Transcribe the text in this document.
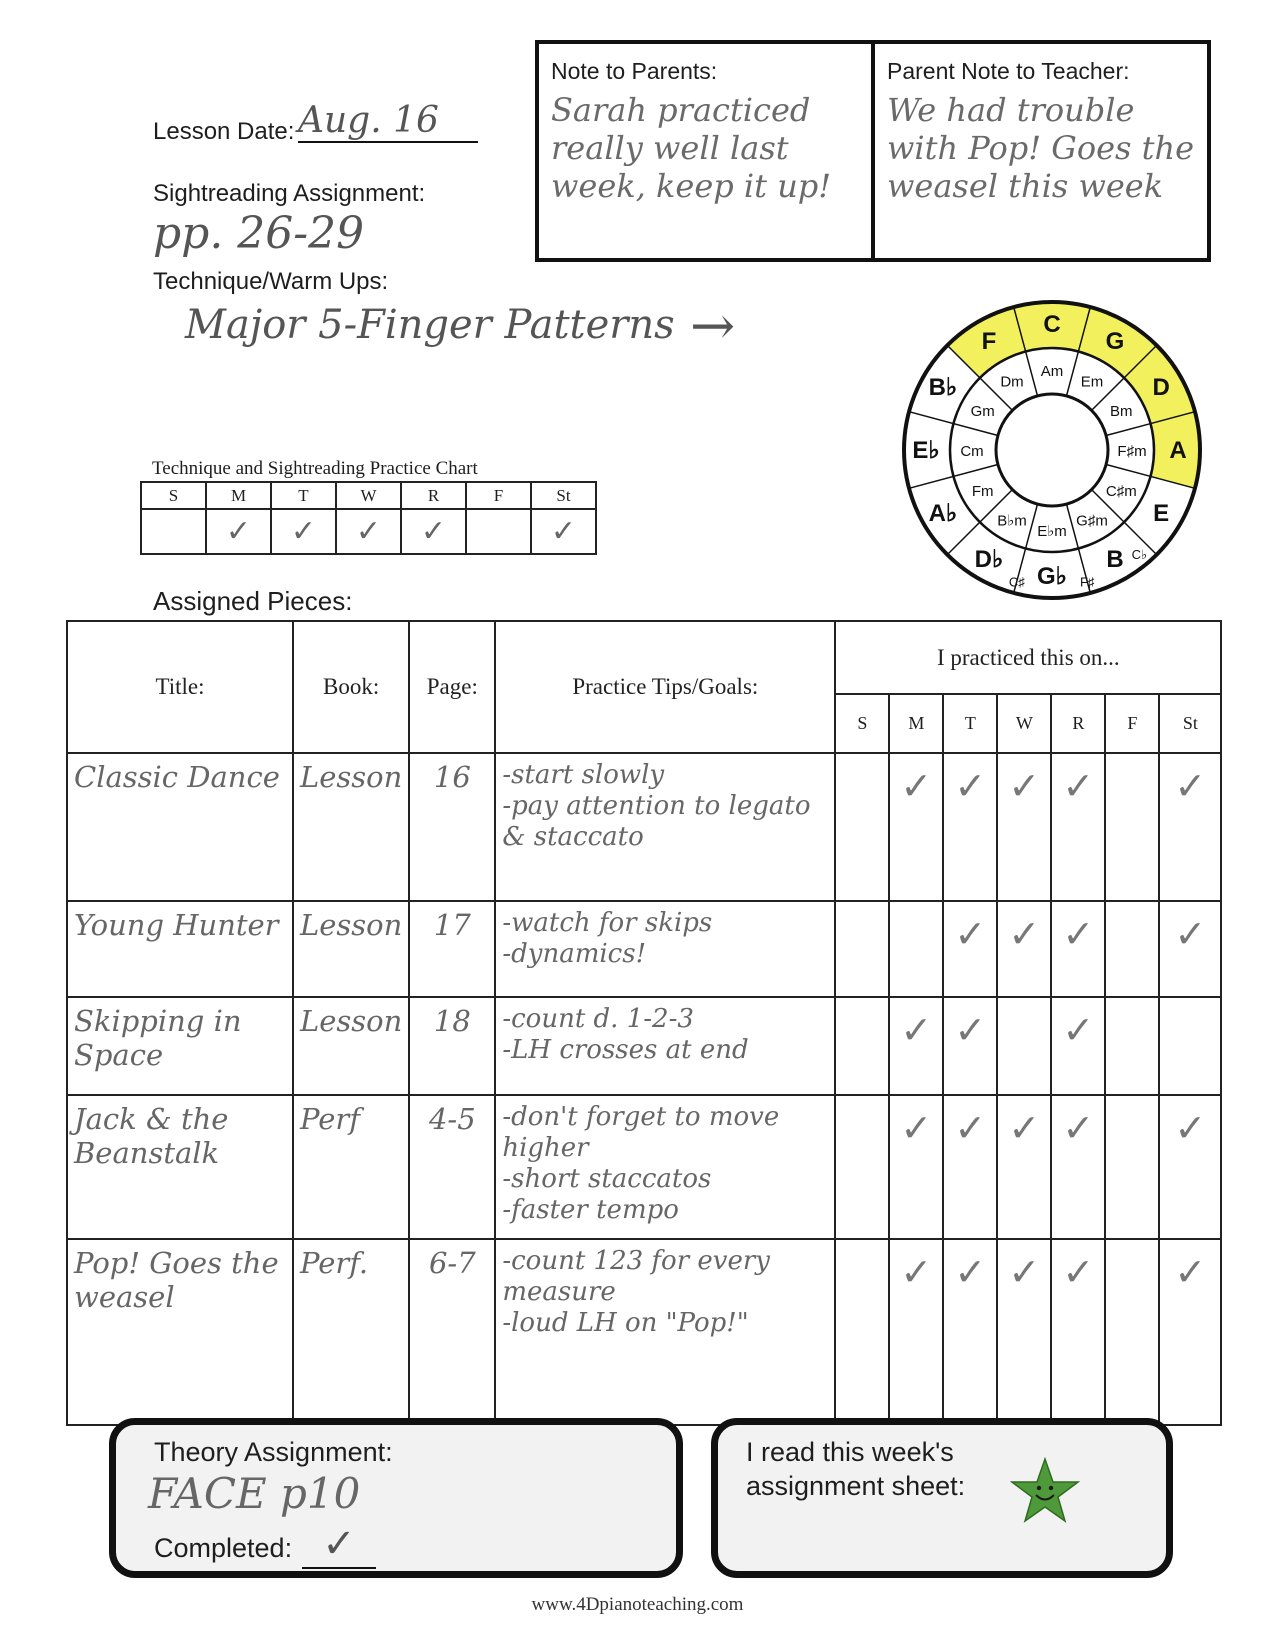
Lesson Date: Aug. 16
Sightreading Assignment:
pp. 26-29
Technique/Warm Ups:
Major 5-Finger Patterns →
Note to Parents:
Sarah practiced really well last week, keep it up!
Parent Note to Teacher:
We had trouble with Pop! Goes the weasel this week
C
G
D
A
E
B
G♭
D♭
A♭
E♭
B♭
F
Am
Em
Bm
F♯m
C♯m
G♯m
E♭m
B♭m
Fm
Cm
Gm
Dm
C♯	F♯
C♭
Technique and Sightreading Practice Chart
S	M	T	W	R	F	St
	✓	✓	✓	✓		✓
Assigned Pieces:
Title:	Book:	Page:	Practice Tips/Goals:	I practiced this on...						
				S	M	T	W	R	F	St
Classic Dance	Lesson	16	-start slowly
-pay attention to legato & staccato		✓	✓	✓	✓		✓
Young Hunter	Lesson	17	-watch for skips
-dynamics!			✓	✓	✓		✓
Skipping in Space	Lesson	18	-count d. 1-2-3
-LH crosses at end		✓	✓		✓		
Jack & the Beanstalk	Perf	4-5	-don't forget to move higher
-short staccatos
-faster tempo		✓	✓	✓	✓		✓
Pop! Goes the weasel	Perf.	6-7	-count 123 for every measure
-loud LH on "Pop!"		✓	✓	✓	✓		✓
Theory Assignment:
FACE p10
Completed: ✓
I read this week's
assignment sheet:
www.4Dpianoteaching.com
